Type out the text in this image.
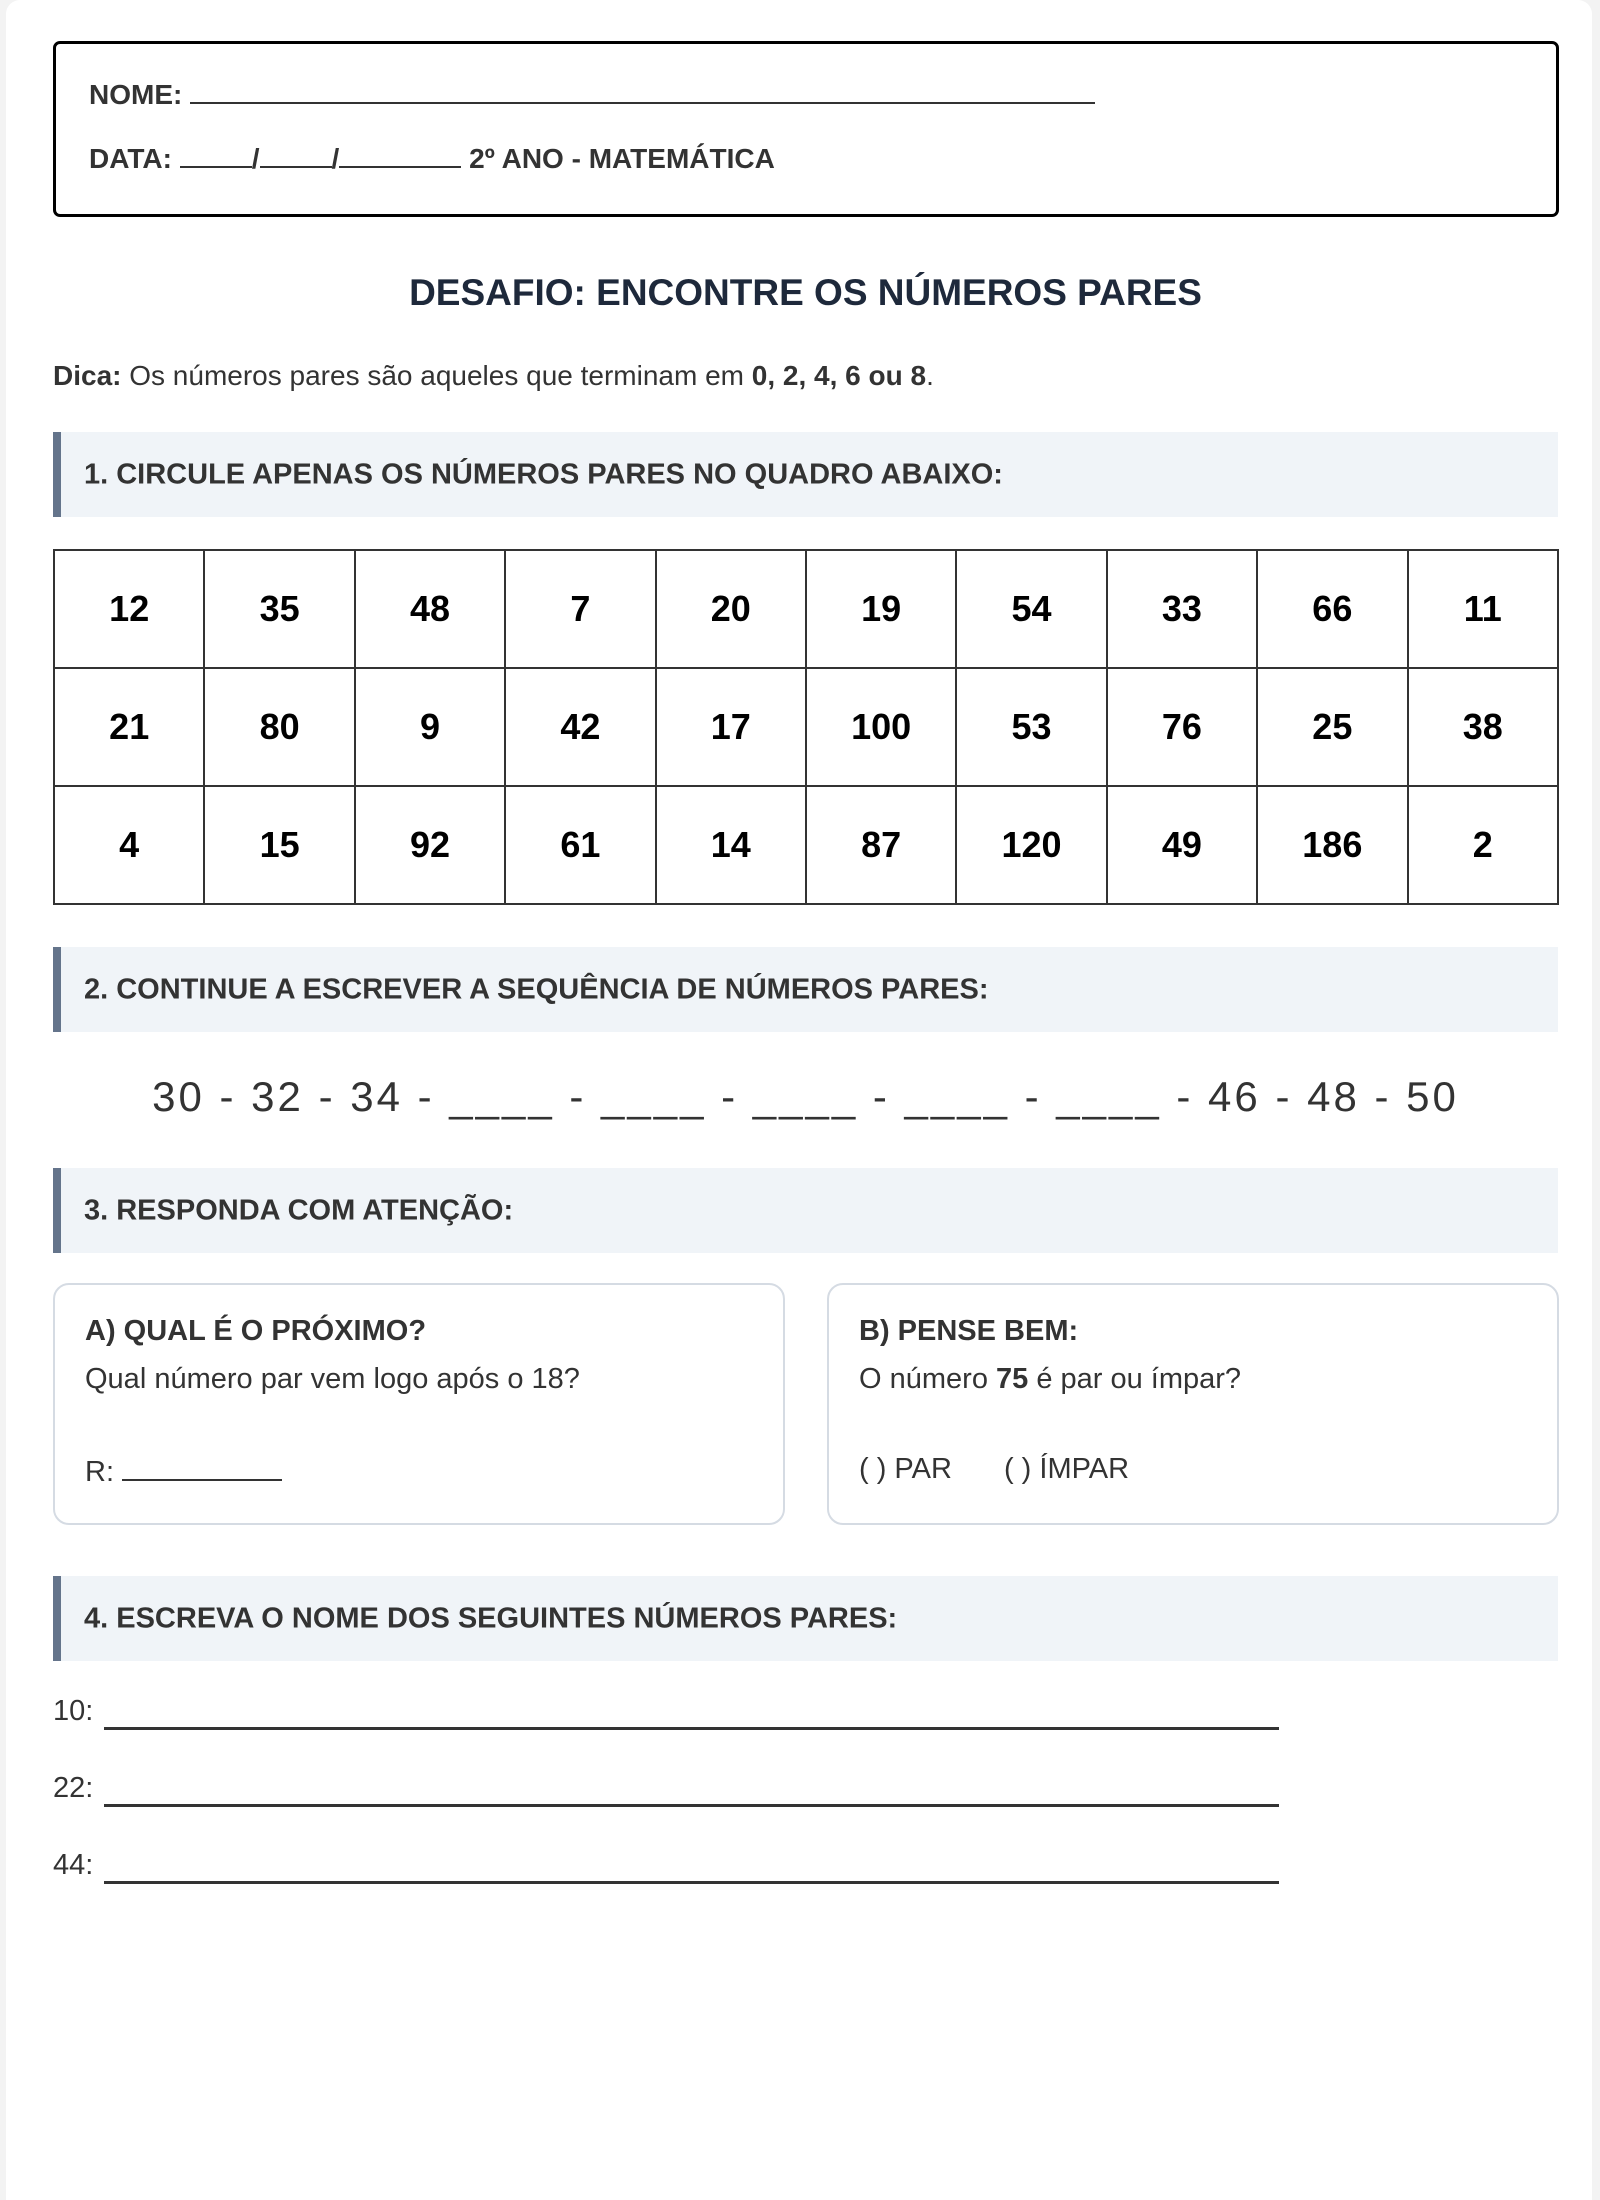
NOME:
DATA:	/	/	2º ANO - MATEMÁTICA
DESAFIO: ENCONTRE OS NÚMEROS PARES
Dica: Os números pares são aqueles que terminam em 0, 2, 4, 6 ou 8.
1. CIRCULE APENAS OS NÚMEROS PARES NO QUADRO ABAIXO:
12	35	48	7	20	19	54	33	66	11
21	80	9	42	17	100	53	76	25	38
4	15	92	61	14	87	120	49	186	2
2. CONTINUE A ESCREVER A SEQUÊNCIA DE NÚMEROS PARES:
30 - 32 - 34 - ____ - ____ - ____ - ____ - ____ - 46 - 48 - 50
3. RESPONDA COM ATENÇÃO:
A) QUAL É O PRÓXIMO?
Qual número par vem logo após o 18?
R:
B) PENSE BEM:
O número 75 é par ou ímpar?
( ) PAR ( ) ÍMPAR
4. ESCREVA O NOME DOS SEGUINTES NÚMEROS PARES:
10:
22:
44:
